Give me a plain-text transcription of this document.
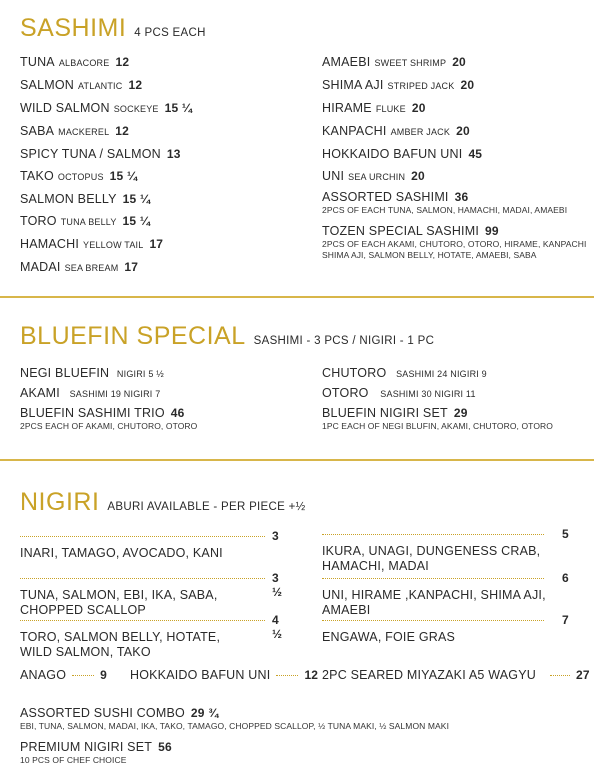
SASHIMI 4 PCS EACH
TUNA ALBACORE 12
SALMON ATLANTIC 12
WILD SALMON SOCKEYE 15 ¼
SABA MACKEREL 12
SPICY TUNA / SALMON 13
TAKO OCTOPUS 15 ¼
SALMON BELLY 15 ¼
TORO TUNA BELLY 15 ¼
HAMACHI YELLOW TAIL 17
MADAI SEA BREAM 17
AMAEBI SWEET SHRIMP 20
SHIMA AJI STRIPED JACK 20
HIRAME FLUKE 20
KANPACHI AMBER JACK 20
HOKKAIDO BAFUN UNI 45
UNI SEA URCHIN 20
ASSORTED SASHIMI 36
2PCS OF EACH TUNA, SALMON, HAMACHI, MADAI, AMAEBI
TOZEN SPECIAL SASHIMI 99
2PCS OF EACH AKAMI, CHUTORO, OTORO, HIRAME, KANPACHI
SHIMA AJI, SALMON BELLY, HOTATE, AMAEBI, SABA
BLUEFIN SPECIAL SASHIMI - 3 PCS / NIGIRI - 1 PC
NEGI BLUEFIN NIGIRI 5 ½
AKAMI SASHIMI 19 NIGIRI 7
BLUEFIN SASHIMI TRIO 46
2PCS EACH OF AKAMI, CHUTORO, OTORO
CHUTORO SASHIMI 24 NIGIRI 9
OTORO SASHIMI 30 NIGIRI 11
BLUEFIN NIGIRI SET 29
1PC EACH OF NEGI BLUFIN, AKAMI, CHUTORO, OTORO
NIGIRI ABURI AVAILABLE - PER PIECE +½
3
INARI, TAMAGO, AVOCADO, KANI
3 ½
TUNA, SALMON, EBI, IKA, SABA,
CHOPPED SCALLOP
4 ½
TORO, SALMON BELLY, HOTATE,
WILD SALMON, TAKO
5
IKURA, UNAGI, DUNGENESS CRAB,
HAMACHI, MADAI
6
UNI, HIRAME ,KANPACHI, SHIMA AJI,
AMAEBI
7
ENGAWA, FOIE GRAS
ANAGO	9 HOKKAIDO BAFUN UNI	12 2PC SEARED MIYAZAKI A5 WAGYU	27
ASSORTED SUSHI COMBO 29 ¾
EBI, TUNA, SALMON, MADAI, IKA, TAKO, TAMAGO, CHOPPED SCALLOP, ½ TUNA MAKI, ½ SALMON MAKI
PREMIUM NIGIRI SET 56
10 PCS OF CHEF CHOICE
